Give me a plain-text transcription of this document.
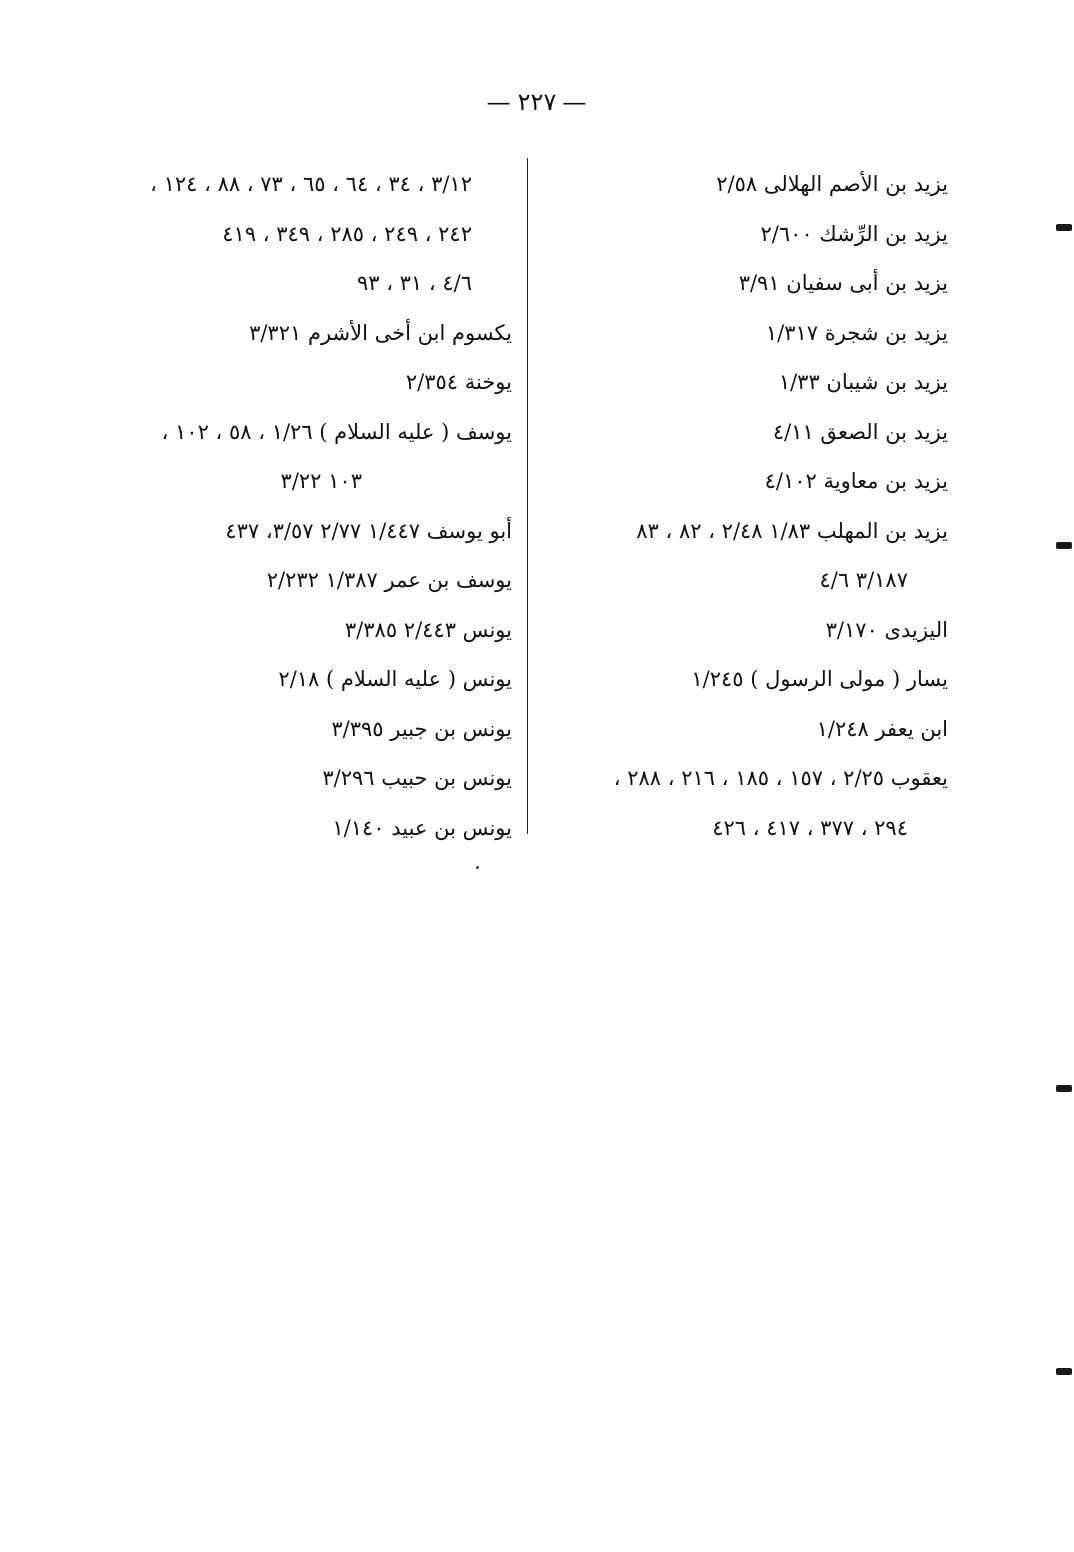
— ٢٢٧ —
يزيد بن الأصم الهلالى ٢/٥٨
يزيد بن الرِّشك ٢/٦٠٠
يزيد بن أبى سفيان ٣/٩١
يزيد بن شجرة ١/٣١٧
يزيد بن شيبان ١/٣٣
يزيد بن الصعق ٤/١١
يزيد بن معاوية ٤/١٠٢
يزيد بن المهلب ١/٨٣ ٢/٤٨ ، ٨٢ ، ٨٣
٣/١٨٧ ٤/٦
اليزيدى ٣/١٧٠
يسار ( مولى الرسول ) ١/٢٤٥
ابن يعفر ١/٢٤٨
يعقوب ٢/٢٥ ، ١٥٧ ، ١٨٥ ، ٢١٦ ، ٢٨٨ ،
٢٩٤ ، ٣٧٧ ، ٤١٧ ، ٤٢٦
٣/١٢ ، ٣٤ ، ٦٤ ، ٦٥ ، ٧٣ ، ٨٨ ، ١٢٤ ،
٢٤٢ ، ٢٤٩ ، ٢٨٥ ، ٣٤٩ ، ٤١٩
٤/٦ ، ٣١ ، ٩٣
يكسوم ابن أخى الأشرم ٣/٣٢١
يوخنة ٢/٣٥٤
يوسف ( عليه السلام ) ١/٢٦ ، ٥٨ ، ١٠٢ ،
١٠٣ ٣/٢٢
أبو يوسف ١/٤٤٧ ٢/٧٧ ٣/٥٧، ٤٣٧
يوسف بن عمر ١/٣٨٧ ٢/٢٣٢
يونس ٢/٤٤٣ ٣/٣٨٥
يونس ( عليه السلام ) ٢/١٨
يونس بن جبير ٣/٣٩٥
يونس بن حبيب ٣/٢٩٦
يونس بن عبيد ١/١٤٠
